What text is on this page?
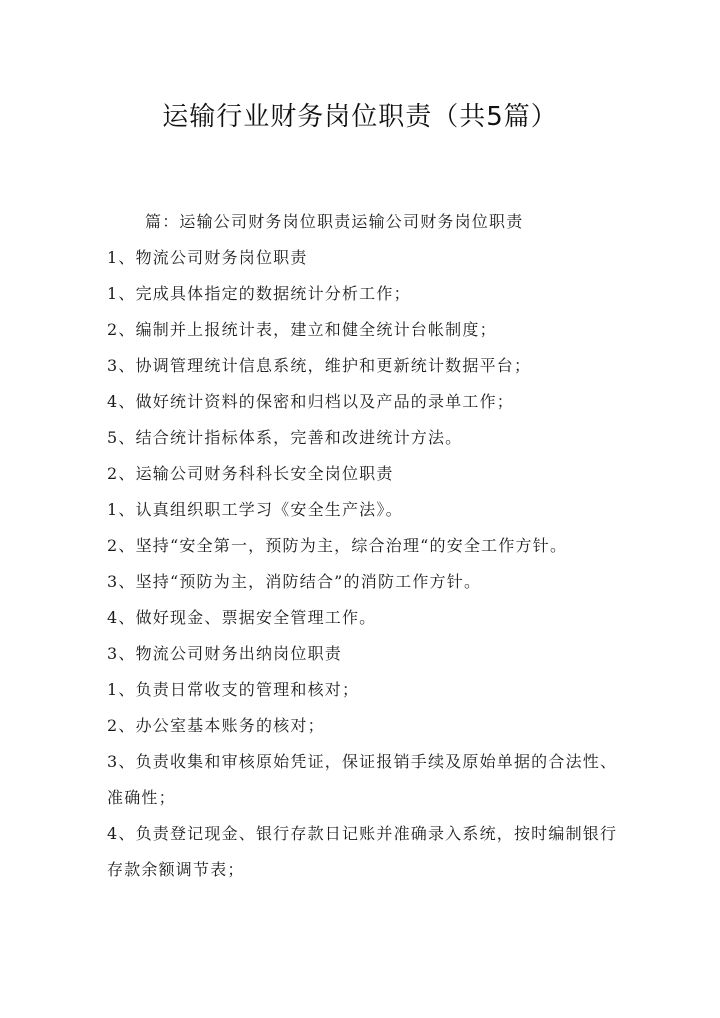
运输行业财务岗位职责（共5篇）
篇：运输公司财务岗位职责运输公司财务岗位职责
1、物流公司财务岗位职责
1、完成具体指定的数据统计分析工作；
2、编制并上报统计表，建立和健全统计台帐制度；
3、协调管理统计信息系统，维护和更新统计数据平台；
4、做好统计资料的保密和归档以及产品的录单工作；
5、结合统计指标体系，完善和改进统计方法。
2、运输公司财务科科长安全岗位职责
1、认真组织职工学习《安全生产法》。
2、坚持“安全第一，预防为主，综合治理“的安全工作方针。
3、坚持“预防为主，消防结合”的消防工作方针。
4、做好现金、票据安全管理工作。
3、物流公司财务出纳岗位职责
1、负责日常收支的管理和核对；
2、办公室基本账务的核对；
3、负责收集和审核原始凭证，保证报销手续及原始单据的合法性、
准确性；
4、负责登记现金、银行存款日记账并准确录入系统，按时编制银行
存款余额调节表；
